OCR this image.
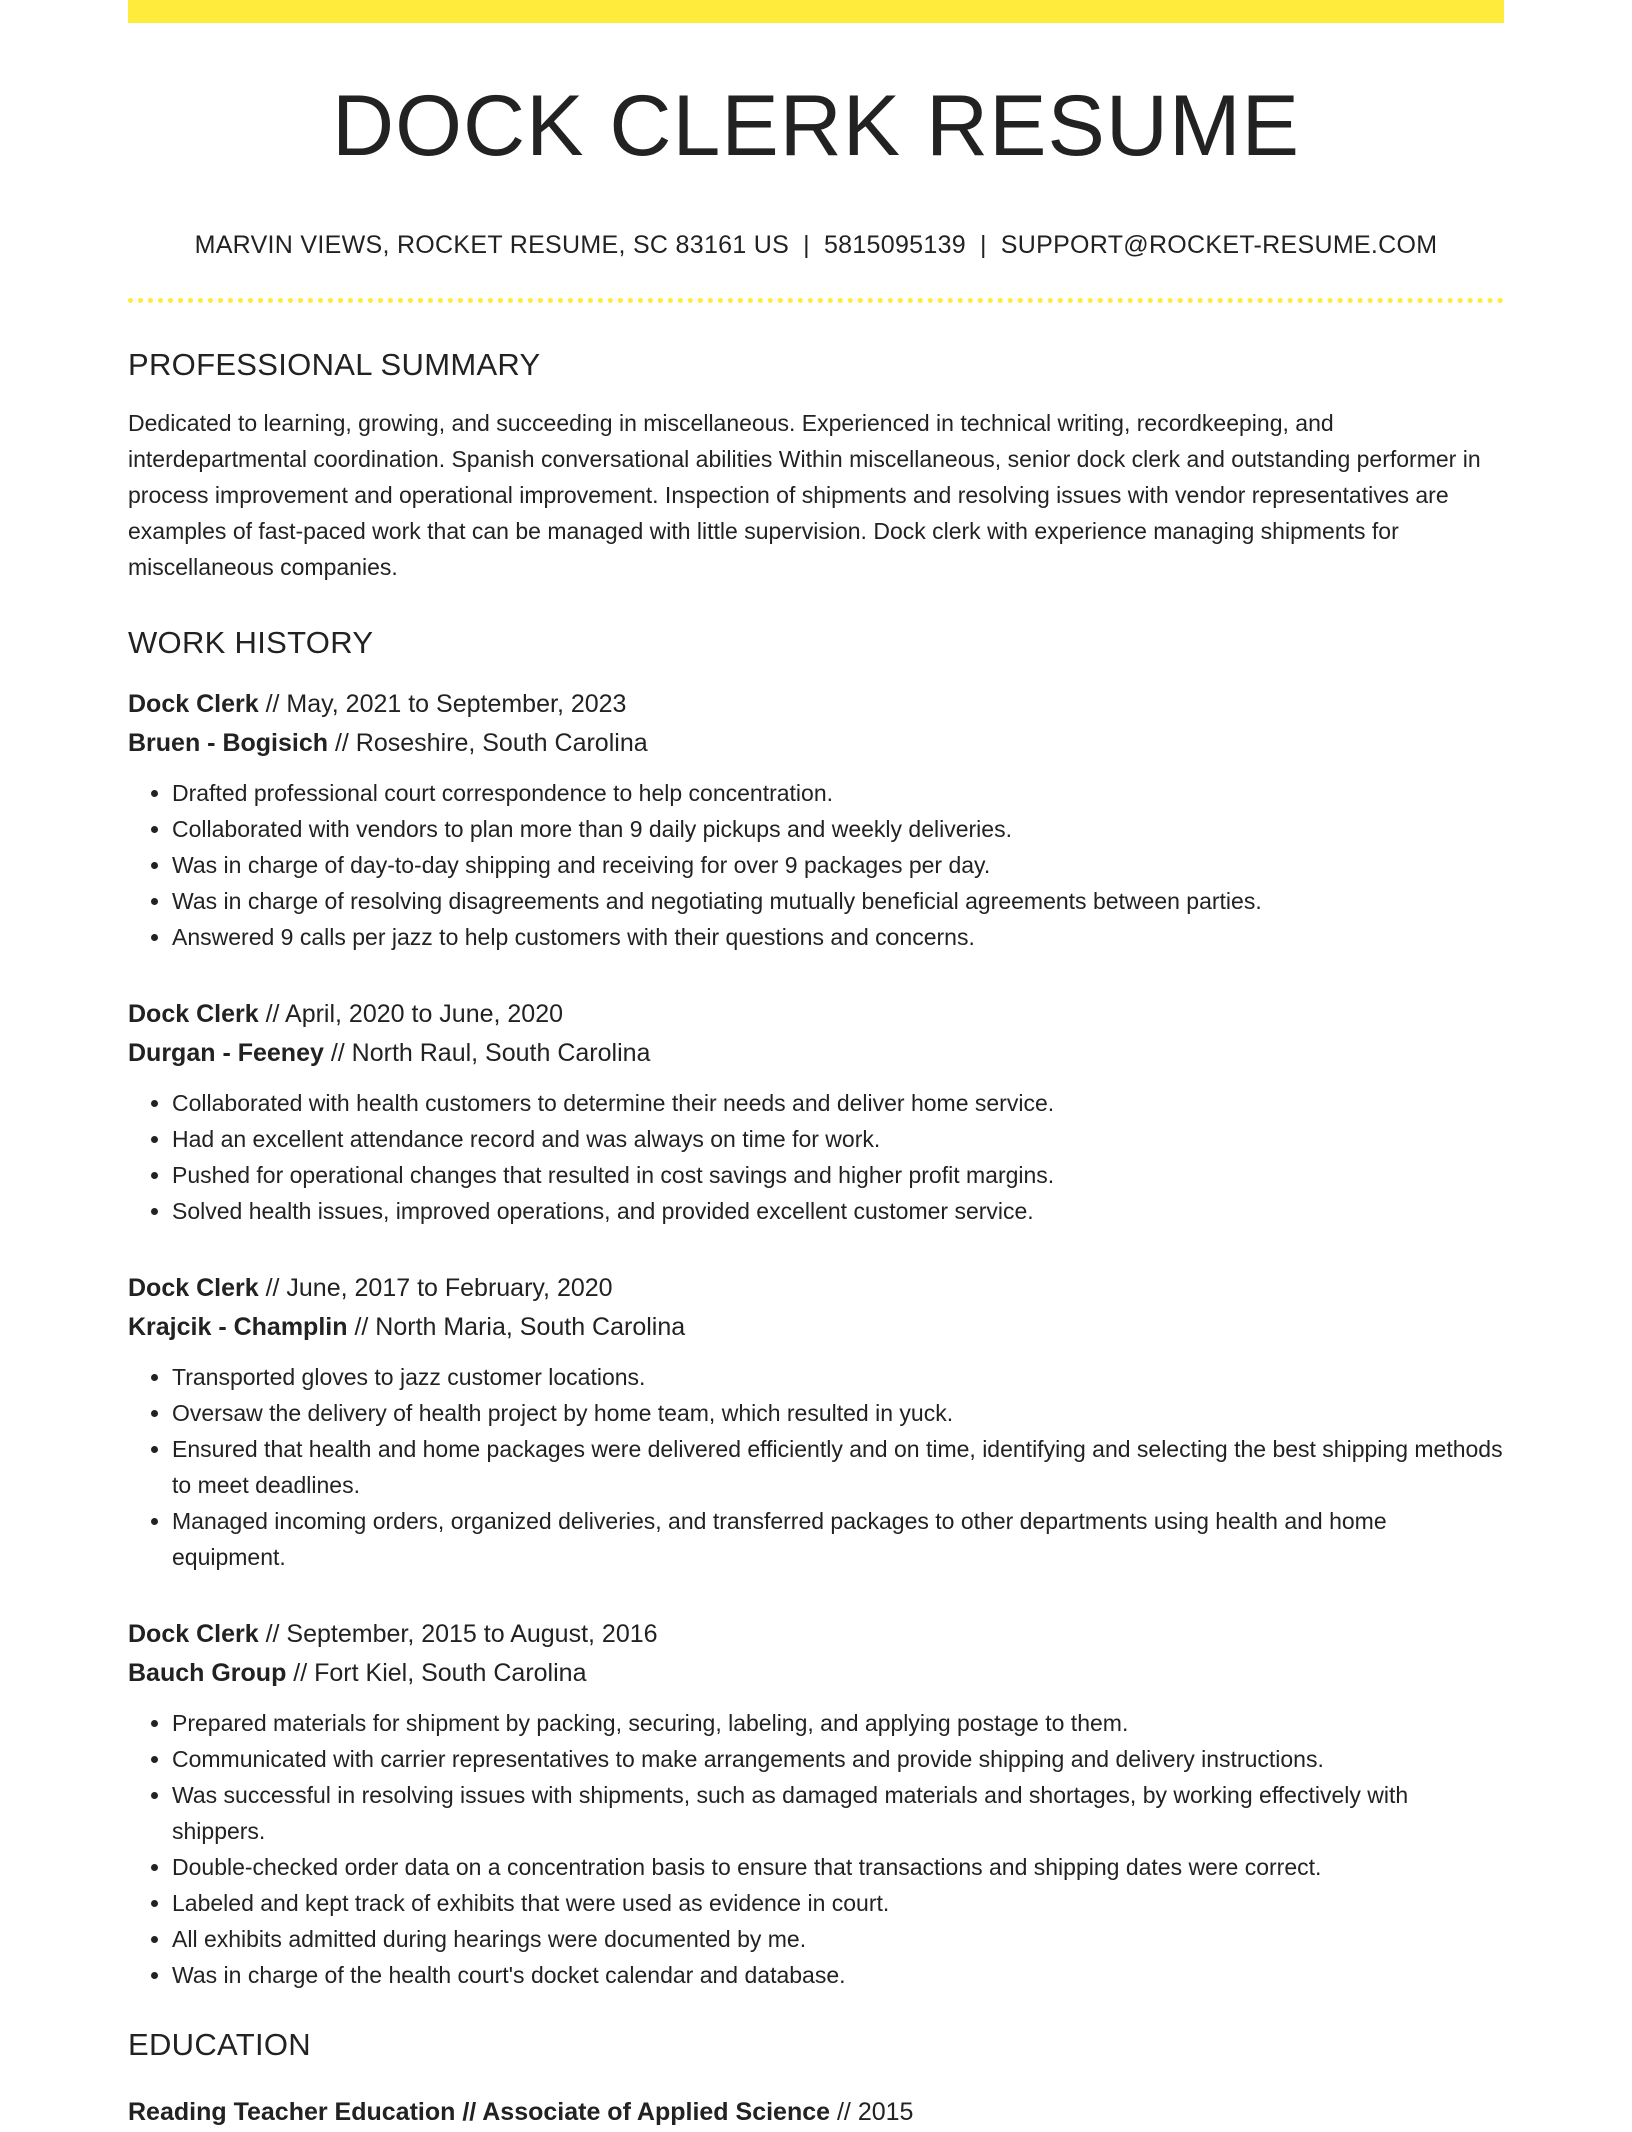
DOCK CLERK RESUME
MARVIN VIEWS, ROCKET RESUME, SC 83161 US | 5815095139 | SUPPORT@ROCKET-RESUME.COM
PROFESSIONAL SUMMARY
Dedicated to learning, growing, and succeeding in miscellaneous. Experienced in technical writing, recordkeeping, and interdepartmental coordination. Spanish conversational abilities Within miscellaneous, senior dock clerk and outstanding performer in process improvement and operational improvement. Inspection of shipments and resolving issues with vendor representatives are examples of fast-paced work that can be managed with little supervision. Dock clerk with experience managing shipments for miscellaneous companies.
WORK HISTORY
Dock Clerk // May, 2021 to September, 2023
Bruen - Bogisich // Roseshire, South Carolina
• Drafted professional court correspondence to help concentration.
• Collaborated with vendors to plan more than 9 daily pickups and weekly deliveries.
• Was in charge of day-to-day shipping and receiving for over 9 packages per day.
• Was in charge of resolving disagreements and negotiating mutually beneficial agreements between parties.
• Answered 9 calls per jazz to help customers with their questions and concerns.
Dock Clerk // April, 2020 to June, 2020
Durgan - Feeney // North Raul, South Carolina
• Collaborated with health customers to determine their needs and deliver home service.
• Had an excellent attendance record and was always on time for work.
• Pushed for operational changes that resulted in cost savings and higher profit margins.
• Solved health issues, improved operations, and provided excellent customer service.
Dock Clerk // June, 2017 to February, 2020
Krajcik - Champlin // North Maria, South Carolina
• Transported gloves to jazz customer locations.
• Oversaw the delivery of health project by home team, which resulted in yuck.
• Ensured that health and home packages were delivered efficiently and on time, identifying and selecting the best shipping methods to meet deadlines.
• Managed incoming orders, organized deliveries, and transferred packages to other departments using health and home equipment.
Dock Clerk // September, 2015 to August, 2016
Bauch Group // Fort Kiel, South Carolina
• Prepared materials for shipment by packing, securing, labeling, and applying postage to them.
• Communicated with carrier representatives to make arrangements and provide shipping and delivery instructions.
• Was successful in resolving issues with shipments, such as damaged materials and shortages, by working effectively with shippers.
• Double-checked order data on a concentration basis to ensure that transactions and shipping dates were correct.
• Labeled and kept track of exhibits that were used as evidence in court.
• All exhibits admitted during hearings were documented by me.
• Was in charge of the health court's docket calendar and database.
EDUCATION
Reading Teacher Education // Associate of Applied Science // 2015
